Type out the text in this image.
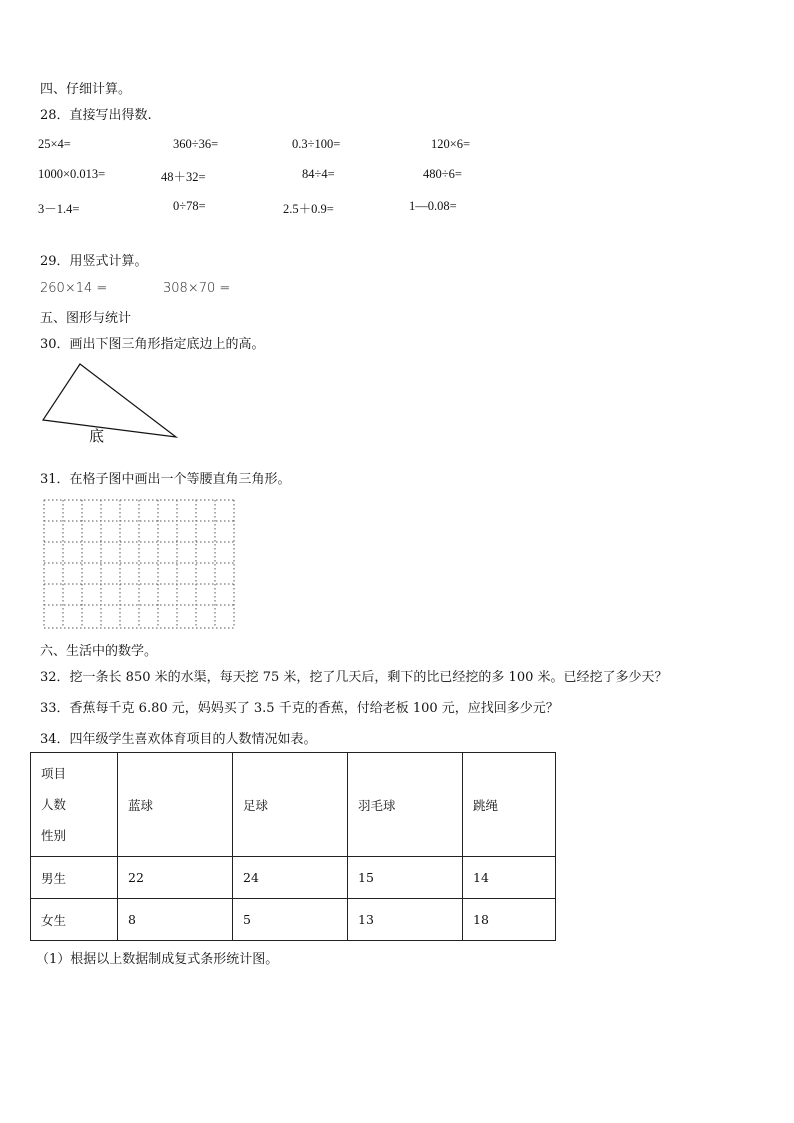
四、仔细计算。
28．直接写出得数.
25×4=	360÷36=	0.3÷100=	120×6=
1000×0.013=	48＋32=	84÷4=	480÷6=
3－1.4=	0÷78=	2.5＋0.9=	1—0.08=
29．用竖式计算。
260×14 =	308×70 =
五、图形与统计
30．画出下图三角形指定底边上的高。
底
31．在格子图中画出一个等腰直角三角形。
六、生活中的数学。
32．挖一条长 850 米的水渠，每天挖 75 米，挖了几天后，剩下的比已经挖的多 100 米。已经挖了多少天？
33．香蕉每千克 6.80 元，妈妈买了 3.5 千克的香蕉，付给老板 100 元，应找回多少元？
34．四年级学生喜欢体育项目的人数情况如表。
项目
人数
性别	蓝球	足球	羽毛球	跳绳
男生	22	24	15	14
女生	8	5	13	18
（1）根据以上数据制成复式条形统计图。
